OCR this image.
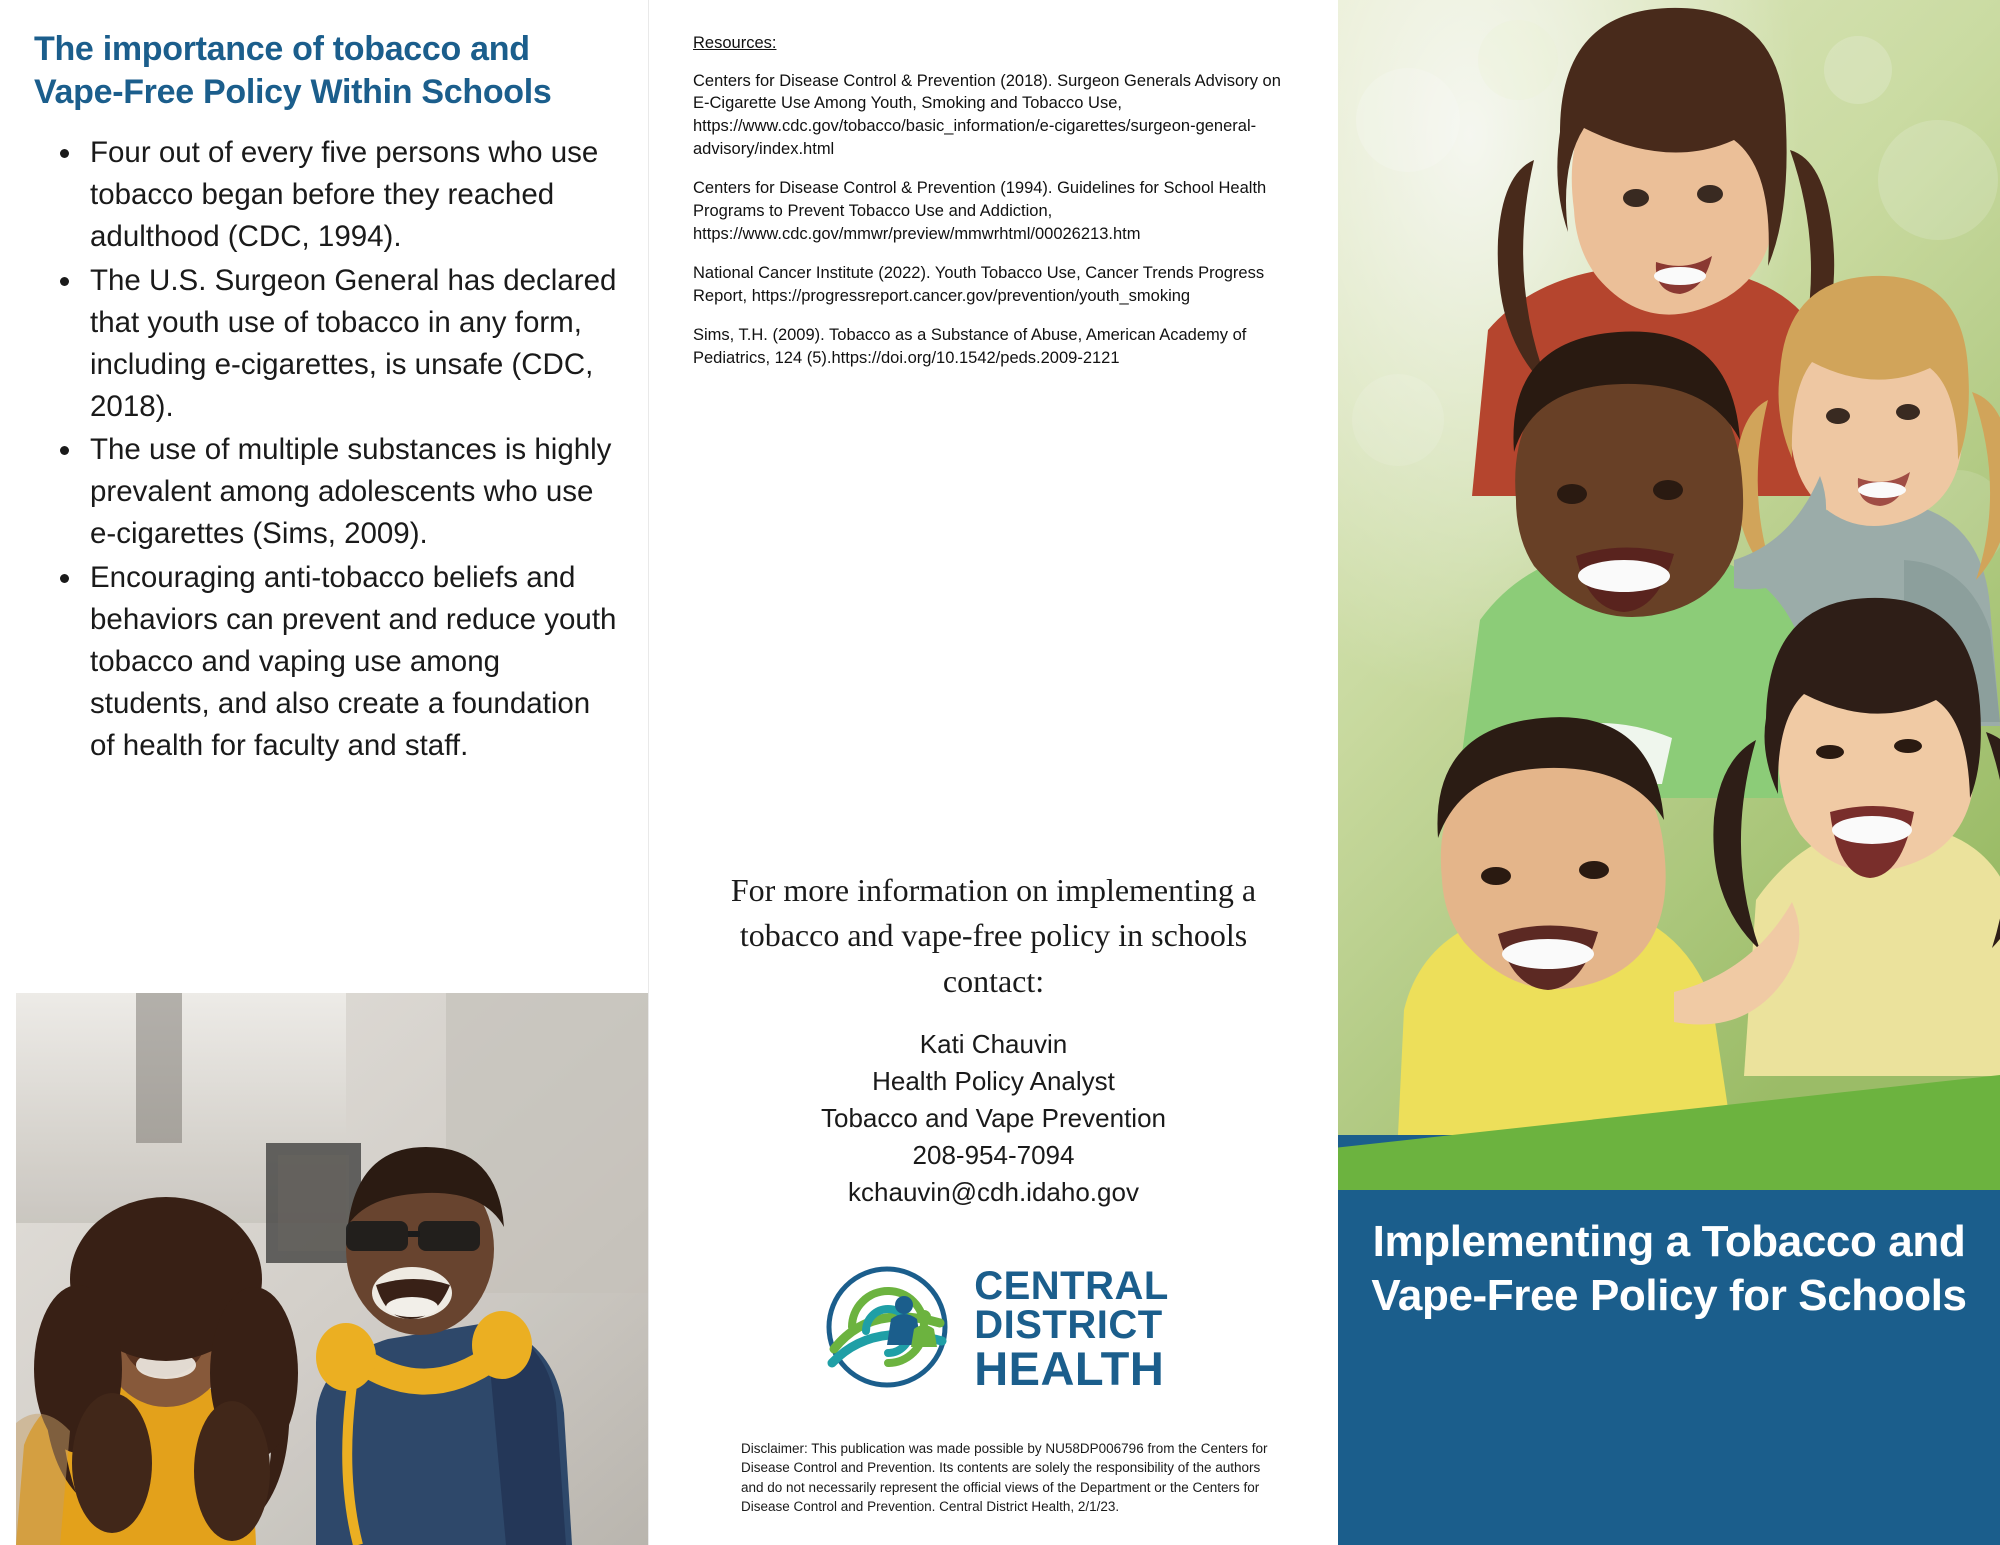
The importance of tobacco and Vape-Free Policy Within Schools
Four out of every five persons who use tobacco began before they reached adulthood (CDC, 1994).
The U.S. Surgeon General has declared that youth use of tobacco in any form, including e-cigarettes, is unsafe (CDC, 2018).
The use of multiple substances is highly prevalent among adolescents who use e-cigarettes (Sims, 2009).
Encouraging anti-tobacco beliefs and behaviors can prevent and reduce youth tobacco and vaping use among students, and also create a foundation of health for faculty and staff.
Resources:

Centers for Disease Control & Prevention (2018). Surgeon Generals Advisory on E-Cigarette Use Among Youth, Smoking and Tobacco Use, https://www.cdc.gov/tobacco/basic_information/e-cigarettes/surgeon-general-advisory/index.html

Centers for Disease Control & Prevention (1994). Guidelines for School Health Programs to Prevent Tobacco Use and Addiction, https://www.cdc.gov/mmwr/preview/mmwrhtml/00026213.htm

National Cancer Institute (2022). Youth Tobacco Use, Cancer Trends Progress Report, https://progressreport.cancer.gov/prevention/youth_smoking

Sims, T.H. (2009). Tobacco as a Substance of Abuse, American Academy of Pediatrics, 124 (5).https://doi.org/10.1542/peds.2009-2121

For more information on implementing a tobacco and vape-free policy in schools contact:

Kati Chauvin
Health Policy Analyst
Tobacco and Vape Prevention
208-954-7094
kchauvin@cdh.idaho.gov
CENTRAL
DISTRICT
HEALTH
Disclaimer: This publication was made possible by NU58DP006796 from the Centers for Disease Control and Prevention. Its contents are solely the responsibility of the authors and do not necessarily represent the official views of the Department or the Centers for Disease Control and Prevention. Central District Health, 2/1/23.
Implementing a Tobacco and Vape-Free Policy for Schools
